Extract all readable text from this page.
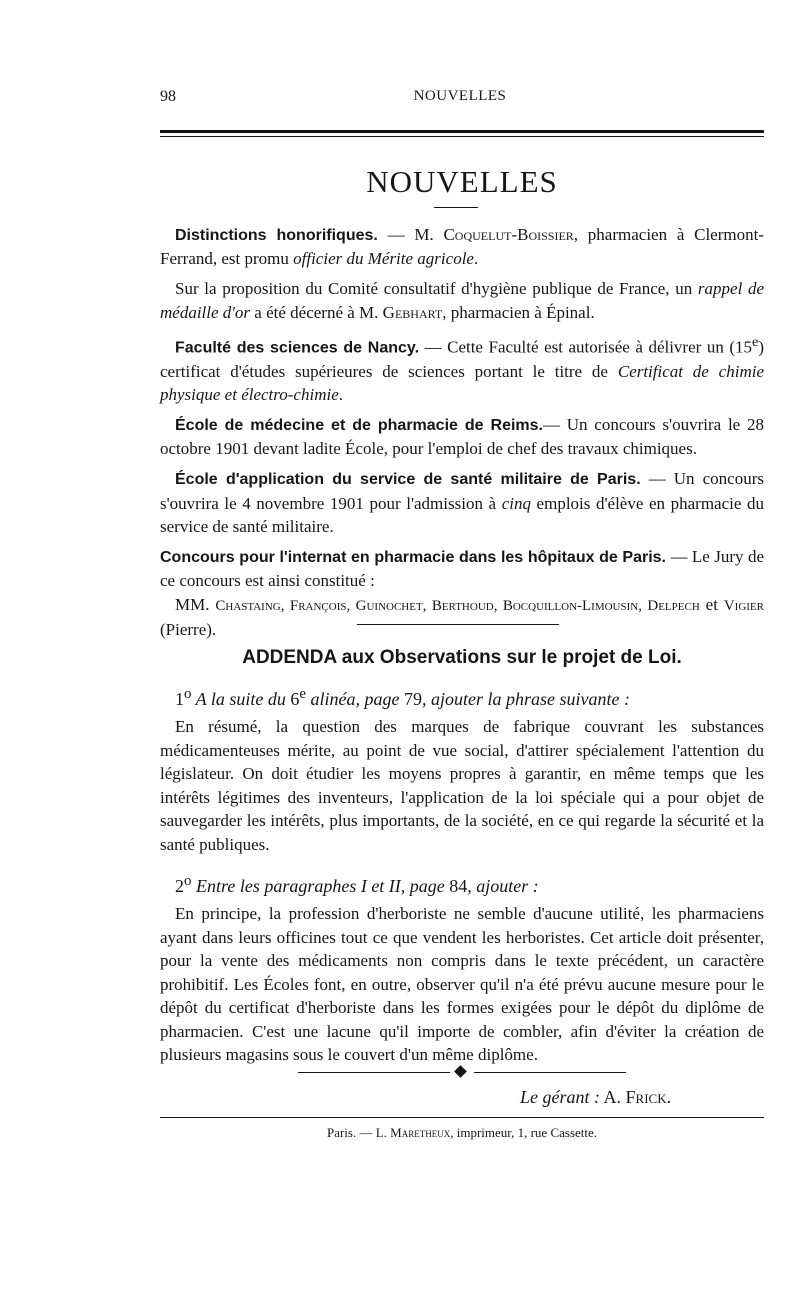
98	NOUVELLES
NOUVELLES

Distinctions honorifiques. — M. Coquelut-Boissier, pharmacien à Clermont-Ferrand, est promu officier du Mérite agricole.

Sur la proposition du Comité consultatif d'hygiène publique de France, un rappel de médaille d'or a été décerné à M. Gebhart, pharmacien à Épinal.

Faculté des sciences de Nancy. — Cette Faculté est autorisée à délivrer un (15e) certificat d'études supérieures de sciences portant le titre de Certificat de chimie physique et électro-chimie.

École de médecine et de pharmacie de Reims.— Un concours s'ouvrira le 28 octobre 1901 devant ladite École, pour l'emploi de chef des travaux chimiques.

École d'application du service de santé militaire de Paris. — Un concours s'ouvrira le 4 novembre 1901 pour l'admission à cinq emplois d'élève en pharmacie du service de santé militaire.

Concours pour l'internat en pharmacie dans les hôpitaux de Paris. — Le Jury de ce concours est ainsi constitué :

MM. Chastaing, François, Guinochet, Berthoud, Bocquillon-Limousin, Delpech et Vigier (Pierre).

ADDENDA aux Observations sur le projet de Loi.

1$^o$ A la suite du 6e alinéa, page 79, ajouter la phrase suivante :

En résumé, la question des marques de fabrique couvrant les substances médicamenteuses mérite, au point de vue social, d'attirer spécialement l'attention du législateur. On doit étudier les moyens propres à garantir, en même temps que les intérêts légitimes des inventeurs, l'application de la loi spéciale qui a pour objet de sauvegarder les intérêts, plus importants, de la société, en ce qui regarde la sécurité et la santé publiques.

2$^o$ Entre les paragraphes I et II, page 84, ajouter :

En principe, la profession d'herboriste ne semble d'aucune utilité, les pharmaciens ayant dans leurs officines tout ce que vendent les herboristes. Cet article doit présenter, pour la vente des médicaments non compris dans le texte précédent, un caractère prohibitif. Les Écoles font, en outre, observer qu'il n'a été prévu aucune mesure pour le dépôt du certificat d'herboriste dans les formes exigées pour le dépôt du diplôme de pharmacien. C'est une lacune qu'il importe de combler, afin d'éviter la création de plusieurs magasins sous le couvert d'un même diplôme.

Le gérant : A. Frick.
Paris. — L. Maretheux, imprimeur, 1, rue Cassette.
